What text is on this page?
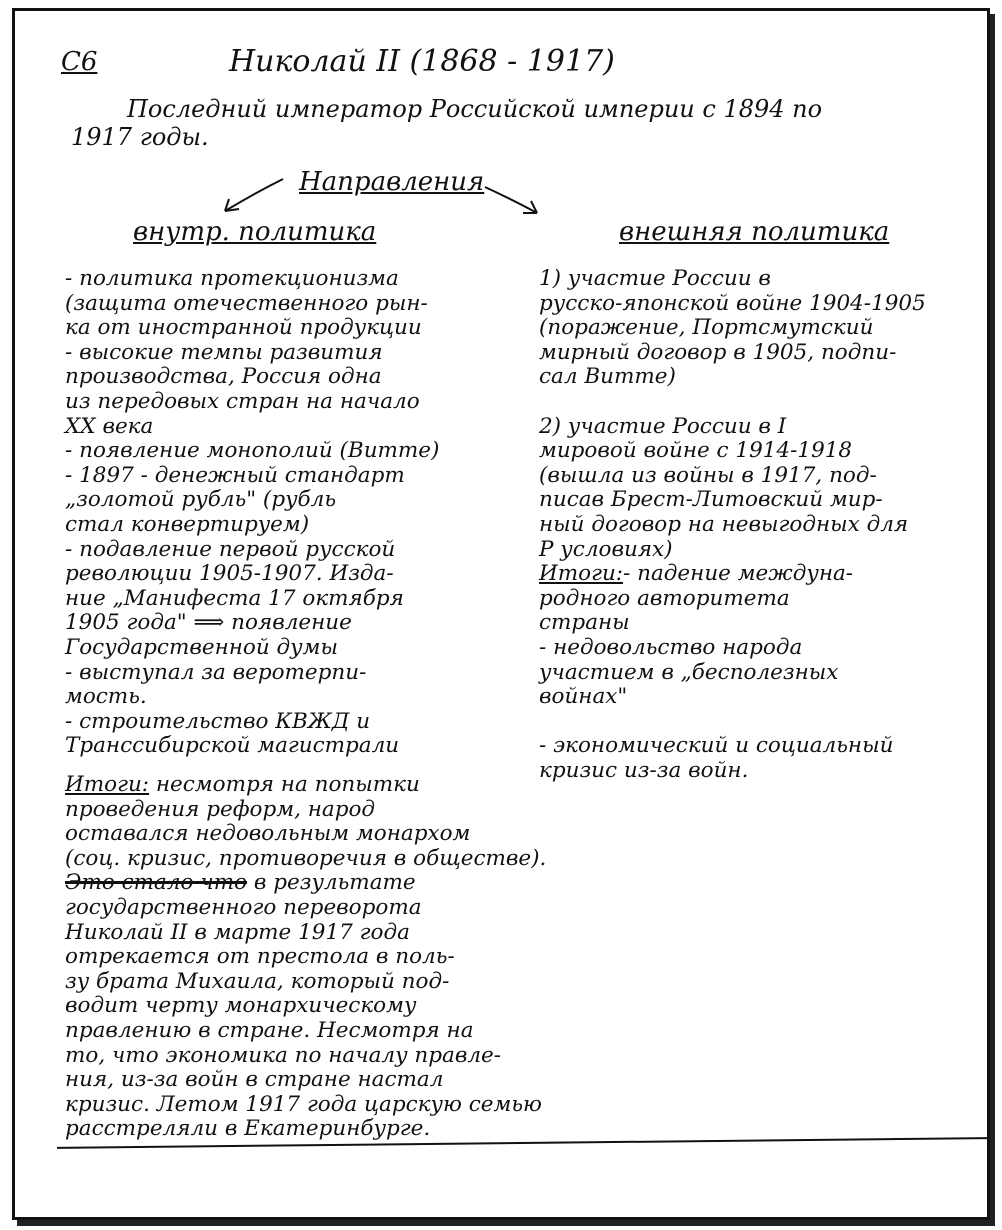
С6	Николай II (1868 - 1917)
Последний император Российской империи с 1894 по 1917 годы.
Направления
внутр. политика	внешняя политика
- политика протекционизма
(защита отечественного рын-
ка от иностранной продукции
- высокие темпы развития
производства, Россия одна
из передовых стран на начало
XX века
- появление монополий (Витте)
- 1897 - денежный стандарт
„золотой рубль" (рубль
стал конвертируем)
- подавление первой русской
революции 1905-1907. Изда-
ние „Манифеста 17 октября
1905 года" ⟹ появление
Государственной думы
- выступал за веротерпи-
мость.
- строительство КВЖД и
Транссибирской магистрали
1) участие России в
русско-японской войне 1904-1905
(поражение, Портсмутский
мирный договор в 1905, подпи-
сал Витте)
2) участие России в I
мировой войне с 1914-1918
(вышла из войны в 1917, под-
писав Брест-Литовский мир-
ный договор на невыгодных для
Р условиях)
Итоги:- падение междуна-
родного авторитета
страны
- недовольство народа
участием в „бесполезных
войнах"
- экономический и социальный
кризис из-за войн.
Итоги: несмотря на попытки
проведения реформ, народ
оставался недовольным монархом
(соц. кризис, противоречия в обществе).
Это стало что в результате
государственного переворота
Николай II в марте 1917 года
отрекается от престола в поль-
зу брата Михаила, который под-
водит черту монархическому
правлению в стране. Несмотря на
то, что экономика по началу правле-
ния, из-за войн в стране настал
кризис. Летом 1917 года царскую семью
расстреляли в Екатеринбурге.
